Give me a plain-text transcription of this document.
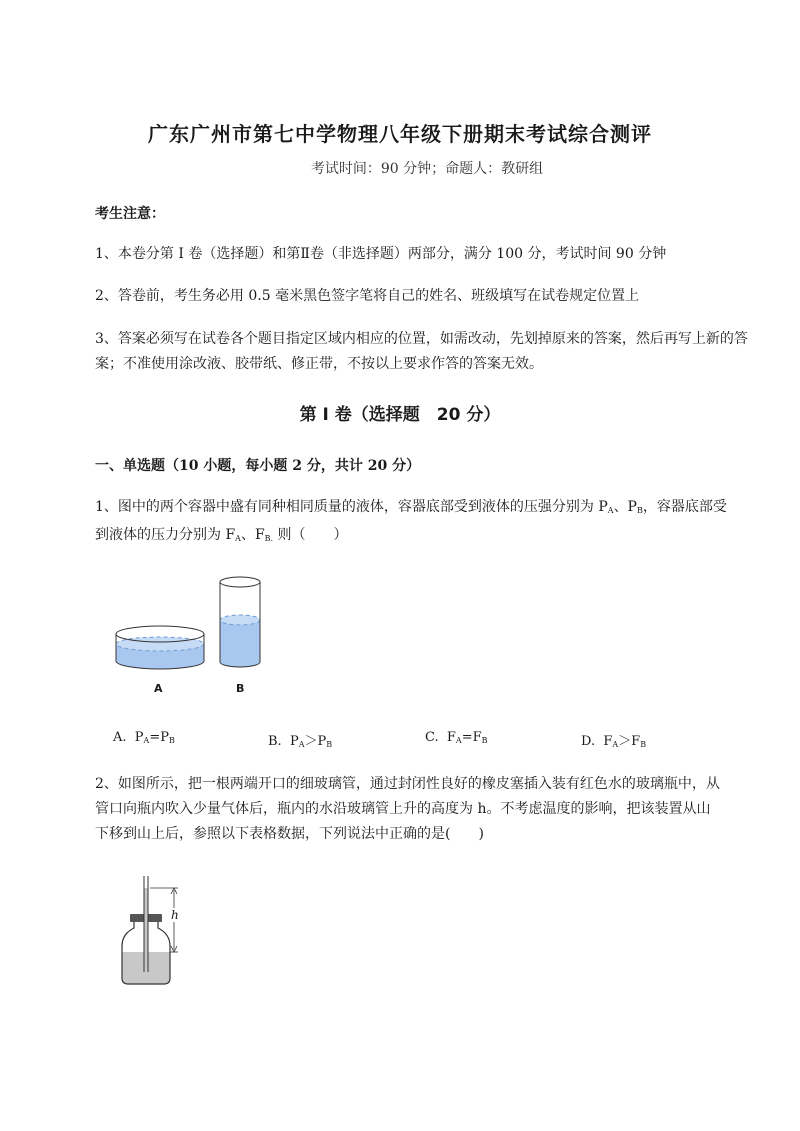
广东广州市第七中学物理八年级下册期末考试综合测评
考试时间：90 分钟；命题人：教研组
考生注意：
1、本卷分第 I 卷（选择题）和第Ⅱ卷（非选择题）两部分，满分 100 分，考试时间 90 分钟
2、答卷前，考生务必用 0.5 毫米黑色签字笔将自己的姓名、班级填写在试卷规定位置上
3、答案必须写在试卷各个题目指定区域内相应的位置，如需改动，先划掉原来的答案，然后再写上新的答案；不准使用涂改液、胶带纸、修正带，不按以上要求作答的答案无效。
第 I 卷（选择题　20 分）
一、单选题（10 小题，每小题 2 分，共计 20 分）
1、图中的两个容器中盛有同种相同质量的液体，容器底部受到液体的压强分别为 $P_A$、$P_B$，容器底部受
到液体的压力分别为 $F_A$、$F_{B.}$ 则（　　）
A	B
A. $P_A=P_B$	B. $P_A>P_B$	C. $F_A=F_B$	D. $F_A>F_B$
2、如图所示，把一根两端开口的细玻璃管，通过封闭性良好的橡皮塞插入装有红色水的玻璃瓶中，从
管口向瓶内吹入少量气体后，瓶内的水沿玻璃管上升的高度为 h。不考虑温度的影响，把该装置从山
下移到山上后，参照以下表格数据，下列说法中正确的是(　　)
h
